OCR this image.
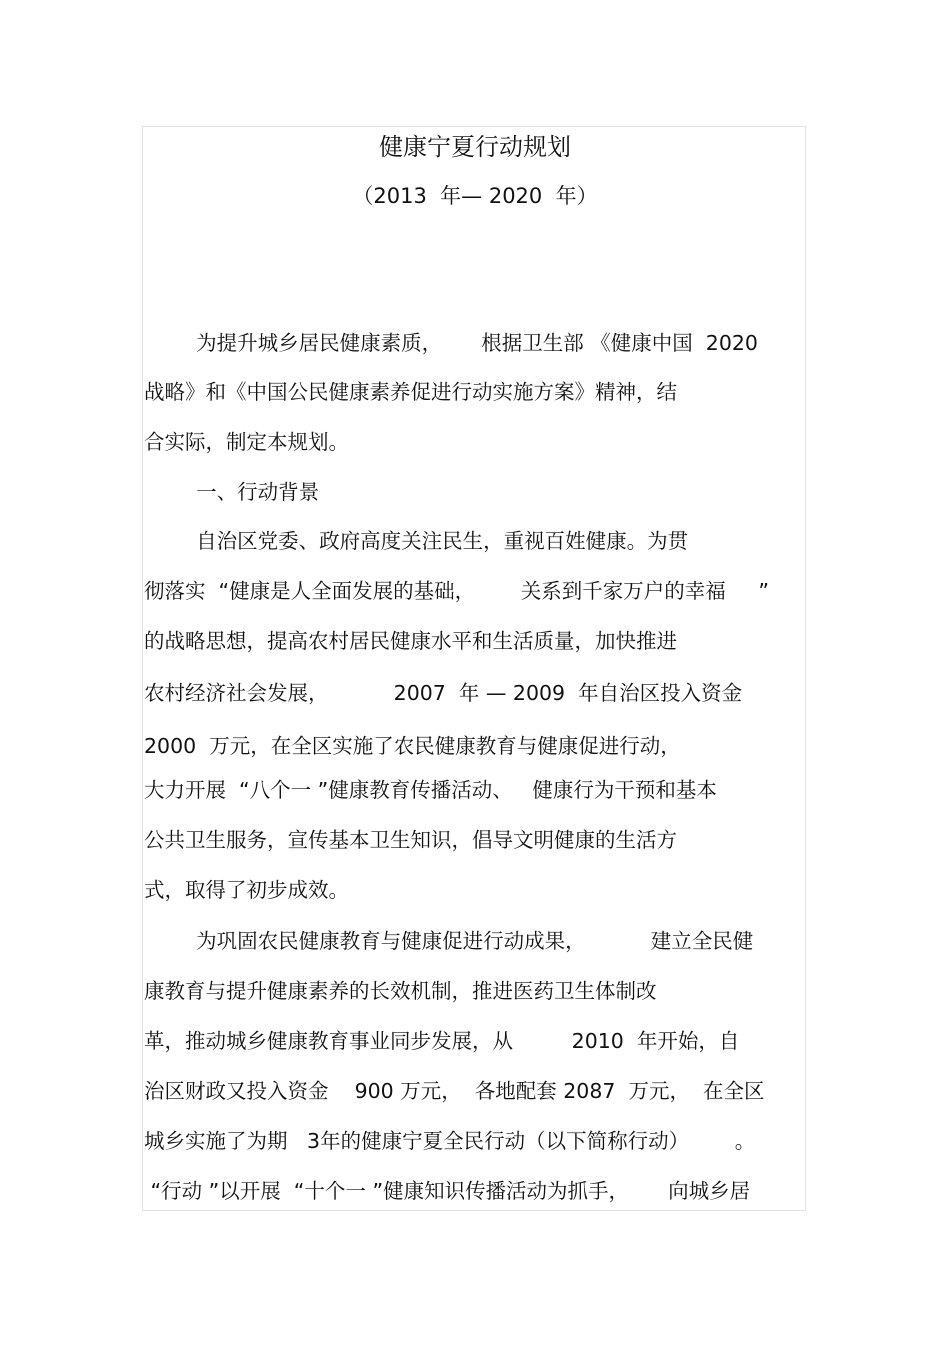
健康宁夏行动规划
（2013  年— 2020  年）
为提升城乡居民健康素质，      根据卫生部 《健康中国  2020
战略》和《中国公民健康素养促进行动实施方案》精神，结
合实际，制定本规划。
一、行动背景
自治区党委、政府高度关注民生，重视百姓健康。为贯
彻落实  “健康是人全面发展的基础，       关系到千家万户的幸福     ”
的战略思想，提高农村居民健康水平和生活质量，加快推进
农村经济社会发展，          2007  年 — 2009  年自治区投入资金
2000  万元，在全区实施了农民健康教育与健康促进行动，
大力开展  “八个一 ”健康教育传播活动、   健康行为干预和基本
公共卫生服务，宣传基本卫生知识，倡导文明健康的生活方
式，取得了初步成效。
为巩固农民健康教育与健康促进行动成果，          建立全民健
康教育与提升健康素养的长效机制，推进医药卫生体制改
革，推动城乡健康教育事业同步发展，从         2010  年开始，自
治区财政又投入资金    900 万元，  各地配套 2087  万元，  在全区
城乡实施了为期   3年的健康宁夏全民行动（以下简称行动）       。
“行动 ”以开展  “十个一 ”健康知识传播活动为抓手，      向城乡居
